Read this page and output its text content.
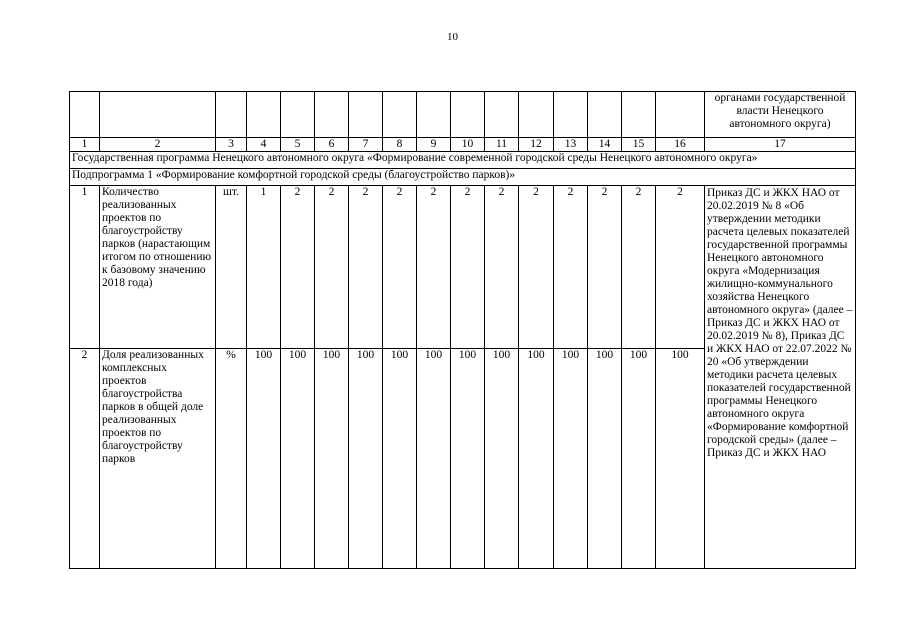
10
																органами государственной власти Ненецкого автономного округа)
1	2	3	4	5	6	7	8	9	10	11	12	13	14	15	16	17
Государственная программа Ненецкого автономного округа «Формирование современной городской среды Ненецкого автономного округа»																
Подпрограмма 1 «Формирование комфортной городской среды (благоустройство парков)»																
1	Количество реализованных проектов по благоустройству парков (нарастающим итогом по отношению к базовому значению 2018 года)	шт.	1	2	2	2	2	2	2	2	2	2	2	2	2	Приказ ДС и ЖКХ НАО от 20.02.2019 № 8 «Об утверждении методики расчета целевых показателей государственной программы Ненецкого автономного округа «Модернизация жилищно-коммунального хозяйства Ненецкого автономного округа» (далее – Приказ ДС и ЖКХ НАО от 20.02.2019 № 8), Приказ ДС и ЖКХ НАО от 22.07.2022 № 20 «Об утверждении методики расчета целевых показателей государственной программы Ненецкого автономного округа «Формирование комфортной городской среды» (далее – Приказ ДС и ЖКХ НАО

2	Доля реализованных комплексных проектов благоустройства парков в общей доле реализованных проектов по благоустройству парков	%	100	100	100	100	100	100	100	100	100	100	100	100	100	
